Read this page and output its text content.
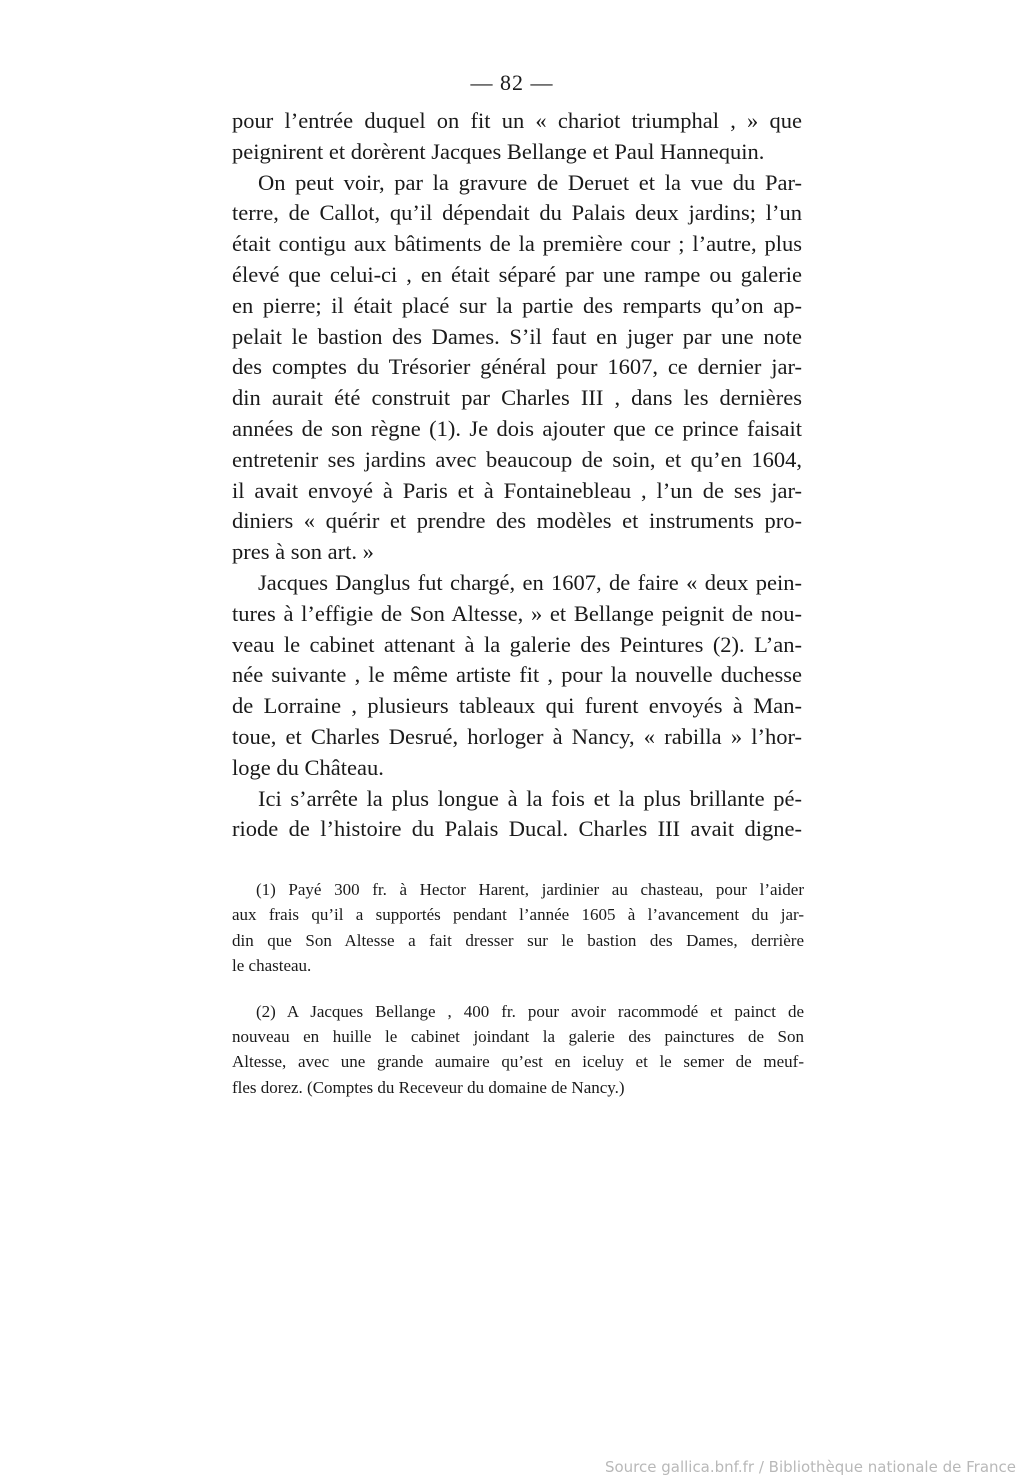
— 82 —
pour l’entrée duquel on fit un « chariot triumphal , » que
peignirent et dorèrent Jacques Bellange et Paul Hannequin.
On peut voir, par la gravure de Deruet et la vue du Par-
terre, de Callot, qu’il dépendait du Palais deux jardins; l’un
était contigu aux bâtiments de la première cour ; l’autre, plus
élevé que celui-ci , en était séparé par une rampe ou galerie
en pierre; il était placé sur la partie des remparts qu’on ap-
pelait le bastion des Dames. S’il faut en juger par une note
des comptes du Trésorier général pour 1607, ce dernier jar-
din aurait été construit par Charles III , dans les dernières
années de son règne (1). Je dois ajouter que ce prince faisait
entretenir ses jardins avec beaucoup de soin, et qu’en 1604,
il avait envoyé à Paris et à Fontainebleau , l’un de ses jar-
diniers « quérir et prendre des modèles et instruments pro-
pres à son art. »
Jacques Danglus fut chargé, en 1607, de faire « deux pein-
tures à l’effigie de Son Altesse, » et Bellange peignit de nou-
veau le cabinet attenant à la galerie des Peintures (2). L’an-
née suivante , le même artiste fit , pour la nouvelle duchesse
de Lorraine , plusieurs tableaux qui furent envoyés à Man-
toue, et Charles Desrué, horloger à Nancy, « rabilla » l’hor-
loge du Château.
Ici s’arrête la plus longue à la fois et la plus brillante pé-
riode de l’histoire du Palais Ducal. Charles III avait digne-
(1) Payé 300 fr. à Hector Harent, jardinier au chasteau, pour l’aider
aux frais qu’il a supportés pendant l’année 1605 à l’avancement du jar-
din que Son Altesse a fait dresser sur le bastion des Dames, derrière
le chasteau.
(2) A Jacques Bellange , 400 fr. pour avoir racommodé et painct de
nouveau en huille le cabinet joindant la galerie des painctures de Son
Altesse, avec une grande aumaire qu’est en iceluy et le semer de meuf-
fles dorez. (Comptes du Receveur du domaine de Nancy.)
Source gallica.bnf.fr / Bibliothèque nationale de France
